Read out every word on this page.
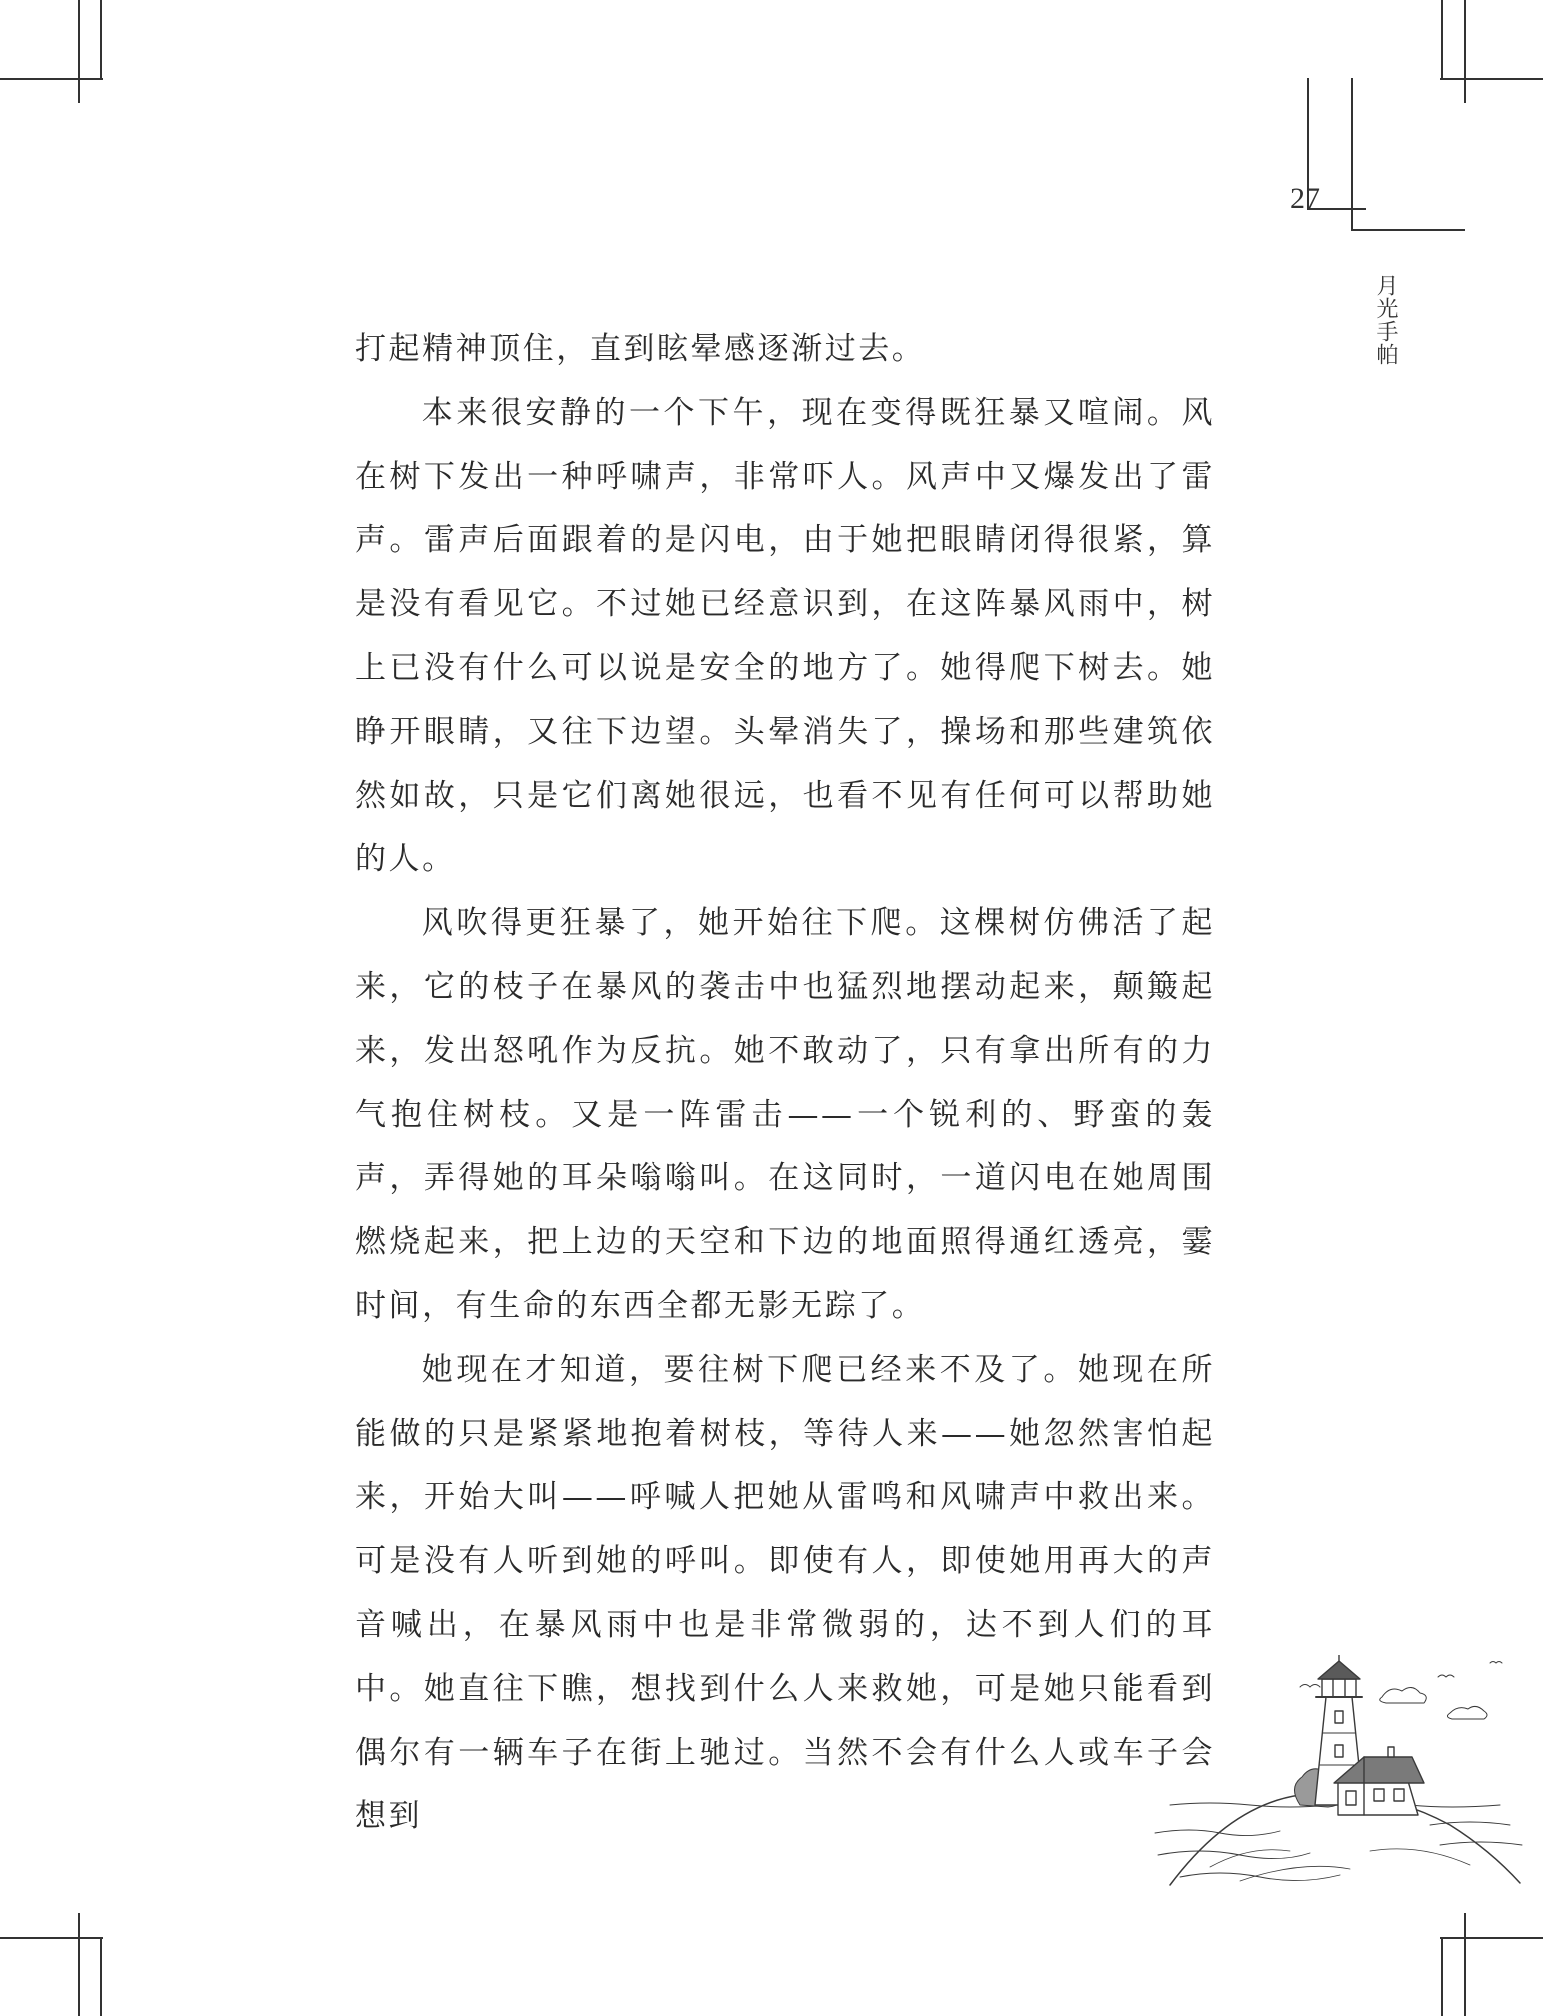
27
月光手帕

打起精神顶住，直到眩晕感逐渐过去。

本来很安静的一个下午，现在变得既狂暴又喧闹。风在树下发出一种呼啸声，非常吓人。风声中又爆发出了雷声。雷声后面跟着的是闪电，由于她把眼睛闭得很紧，算是没有看见它。不过她已经意识到，在这阵暴风雨中，树上已没有什么可以说是安全的地方了。她得爬下树去。她睁开眼睛，又往下边望。头晕消失了，操场和那些建筑依然如故，只是它们离她很远，也看不见有任何可以帮助她的人。

风吹得更狂暴了，她开始往下爬。这棵树仿佛活了起来，它的枝子在暴风的袭击中也猛烈地摆动起来，颠簸起来，发出怒吼作为反抗。她不敢动了，只有拿出所有的力气抱住树枝。又是一阵雷击——一个锐利的、野蛮的轰声，弄得她的耳朵嗡嗡叫。在这同时，一道闪电在她周围燃烧起来，把上边的天空和下边的地面照得通红透亮，霎时间，有生命的东西全都无影无踪了。

她现在才知道，要往树下爬已经来不及了。她现在所能做的只是紧紧地抱着树枝，等待人来——她忽然害怕起来，开始大叫——呼喊人把她从雷鸣和风啸声中救出来。可是没有人听到她的呼叫。即使有人，即使她用再大的声音喊出，在暴风雨中也是非常微弱的，达不到人们的耳中。她直往下瞧，想找到什么人来救她，可是她只能看到偶尔有一辆车子在街上驰过。当然不会有什么人或车子会想到
